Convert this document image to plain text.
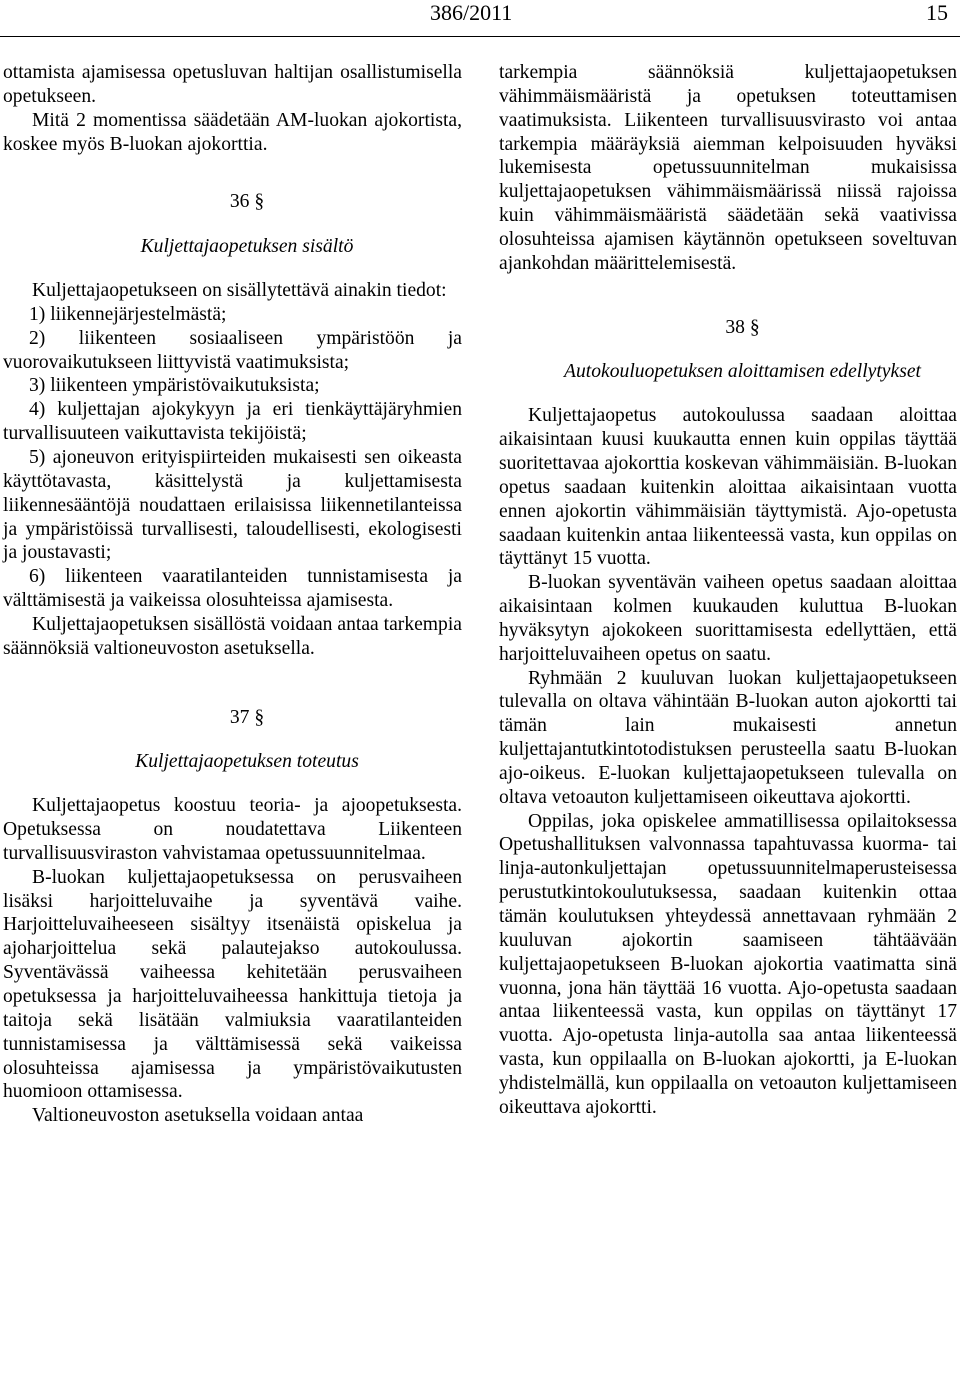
386/2011	15

ottamista ajamisessa opetusluvan haltijan osallistumisella opetukseen.

Mitä 2 momentissa säädetään AM-luokan ajokortista, koskee myös B-luokan ajokorttia.

36 §

Kuljettajaopetuksen sisältö

Kuljettajaopetukseen on sisällytettävä ainakin tiedot:

1) liikennejärjestelmästä;

2) liikenteen sosiaaliseen ympäristöön ja vuorovaikutukseen liittyvistä vaatimuksista;

3) liikenteen ympäristövaikutuksista;

4) kuljettajan ajokykyyn ja eri tienkäyttäjäryhmien turvallisuuteen vaikuttavista tekijöistä;

5) ajoneuvon erityispiirteiden mukaisesti sen oikeasta käyttötavasta, käsittelystä ja kuljettamisesta liikennesääntöjä noudattaen erilaisissa liikennetilanteissa ja ympäristöissä turvallisesti, taloudellisesti, ekologisesti ja joustavasti;

6) liikenteen vaaratilanteiden tunnistamisesta ja välttämisestä ja vaikeissa olosuhteissa ajamisesta.

Kuljettajaopetuksen sisällöstä voidaan antaa tarkempia säännöksiä valtioneuvoston asetuksella.

37 §

Kuljettajaopetuksen toteutus

Kuljettajaopetus koostuu teoria- ja ajoopetuksesta. Opetuksessa on noudatettava Liikenteen turvallisuusviraston vahvistamaa opetussuunnitelmaa.

B-luokan kuljettajaopetuksessa on perusvaiheen lisäksi harjoitteluvaihe ja syventävä vaihe. Harjoitteluvaiheeseen sisältyy itsenäistä opiskelua ja ajoharjoittelua sekä palautejakso autokoulussa. Syventävässä vaiheessa kehitetään perusvaiheen opetuksessa ja harjoitteluvaiheessa hankittuja tietoja ja taitoja sekä lisätään valmiuksia vaaratilanteiden tunnistamisessa ja välttämisessä sekä vaikeissa olosuhteissa ajamisessa ja ympäristövaikutusten huomioon ottamisessa.

Valtioneuvoston asetuksella voidaan antaa

tarkempia säännöksiä kuljettajaopetuksen vähimmäismääristä ja opetuksen toteuttamisen vaatimuksista. Liikenteen turvallisuusvirasto voi antaa tarkempia määräyksiä aiemman kelpoisuuden hyväksi lukemisesta opetussuunnitelman mukaisissa kuljettajaopetuksen vähimmäismäärissä niissä rajoissa kuin vähimmäismääristä säädetään sekä vaativissa olosuhteissa ajamisen käytännön opetukseen soveltuvan ajankohdan määrittelemisestä.

38 §

Autokouluopetuksen aloittamisen edellytykset

Kuljettajaopetus autokoulussa saadaan aloittaa aikaisintaan kuusi kuukautta ennen kuin oppilas täyttää suoritettavaa ajokorttia koskevan vähimmäisiän. B-luokan opetus saadaan kuitenkin aloittaa aikaisintaan vuotta ennen ajokortin vähimmäisiän täyttymistä. Ajo-opetusta saadaan kuitenkin antaa liikenteessä vasta, kun oppilas on täyttänyt 15 vuotta.

B-luokan syventävän vaiheen opetus saadaan aloittaa aikaisintaan kolmen kuukauden kuluttua B-luokan hyväksytyn ajokokeen suorittamisesta edellyttäen, että harjoitteluvaiheen opetus on saatu.

Ryhmään 2 kuuluvan luokan kuljettajaopetukseen tulevalla on oltava vähintään B-luokan auton ajokortti tai tämän lain mukaisesti annetun kuljettajantutkintotodistuksen perusteella saatu B-luokan ajo-oikeus. E-luokan kuljettajaopetukseen tulevalla on oltava vetoauton kuljettamiseen oikeuttava ajokortti.

Oppilas, joka opiskelee ammatillisessa opilaitoksessa Opetushallituksen valvonnassa tapahtuvassa kuorma- tai linja-autonkuljettajan opetussuunnitelmaperusteisessa perustutkintokoulutuksessa, saadaan kuitenkin ottaa tämän koulutuksen yhteydessä annettavaan ryhmään 2 kuuluvan ajokortin saamiseen tähtäävään kuljettajaopetukseen B-luokan ajokortia vaatimatta sinä vuonna, jona hän täyttää 16 vuotta. Ajo-opetusta saadaan antaa liikenteessä vasta, kun oppilas on täyttänyt 17 vuotta. Ajo-opetusta linja-autolla saa antaa liikenteessä vasta, kun oppilaalla on B-luokan ajokortti, ja E-luokan yhdistelmällä, kun oppilaalla on vetoauton kuljettamiseen oikeuttava ajokortti.
